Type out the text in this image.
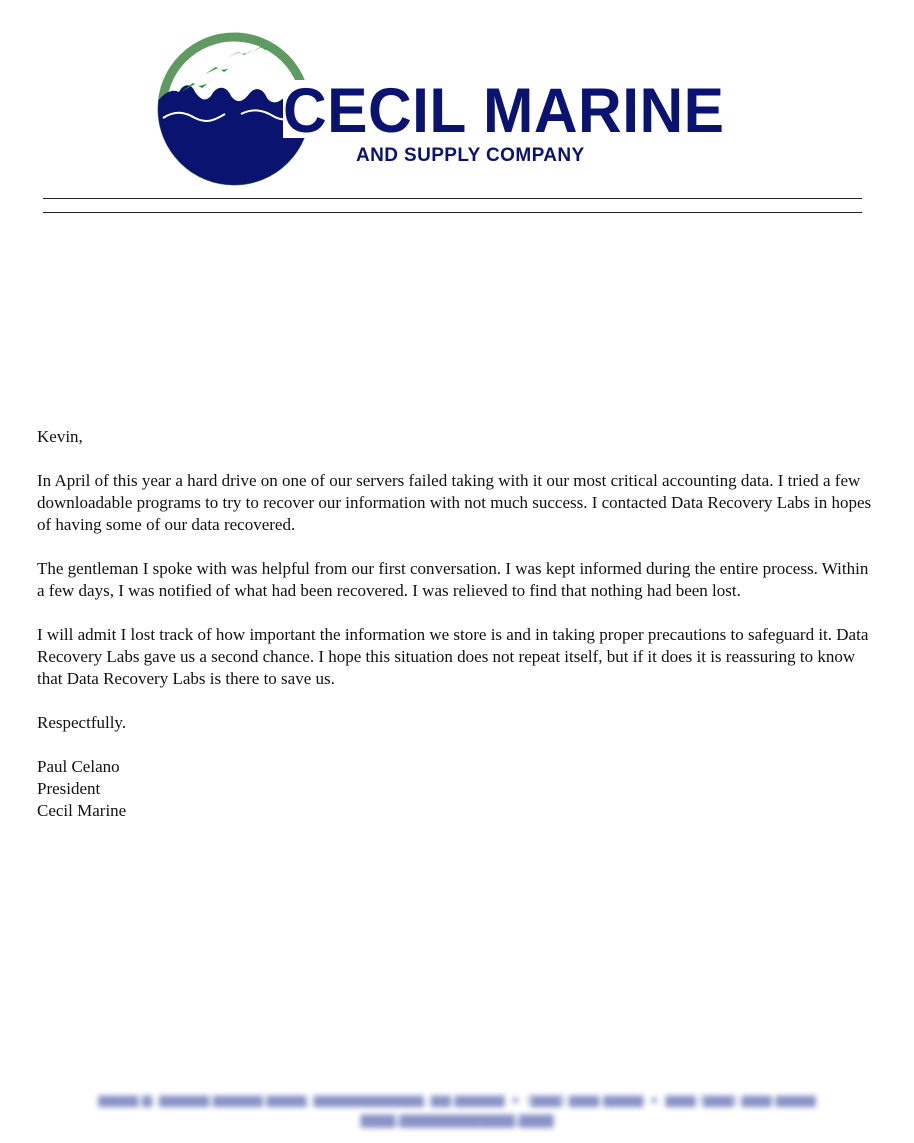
CECIL MARINE
AND SUPPLY COMPANY

Kevin,

In April of this year a hard drive on one of our servers failed taking with it our most critical accounting data. I tried a few downloadable programs to try to recover our information with not much success. I contacted Data Recovery Labs in hopes of having some of our data recovered.

The gentleman I spoke with was helpful from our first conversation. I was kept informed during the entire process. Within a few days, I was notified of what had been recovered. I was relieved to find that nothing had been lost.

I will admit I lost track of how important the information we store is and in taking proper precautions to safeguard it. Data Recovery Labs gave us a second chance. I hope this situation does not repeat itself, but if it does it is reassuring to know that Data Recovery Labs is there to save us.

Respectfully.

Paul Celano

President

Cecil Marine

▆▆▆▆ ▆. ▆▆▆▆▆ ▆▆▆▆▆ ▆▆▆▆, ▆▆▆▆▆▆▆▆▆▆▆, ▆▆ ▆▆▆▆▆  ●  (▆▆▆) ▆▆▆-▆▆▆▆  ●  ▆▆▆ (▆▆▆) ▆▆▆-▆▆▆▆
▆▆▆.▆▆▆▆▆▆▆▆▆▆.▆▆▆
